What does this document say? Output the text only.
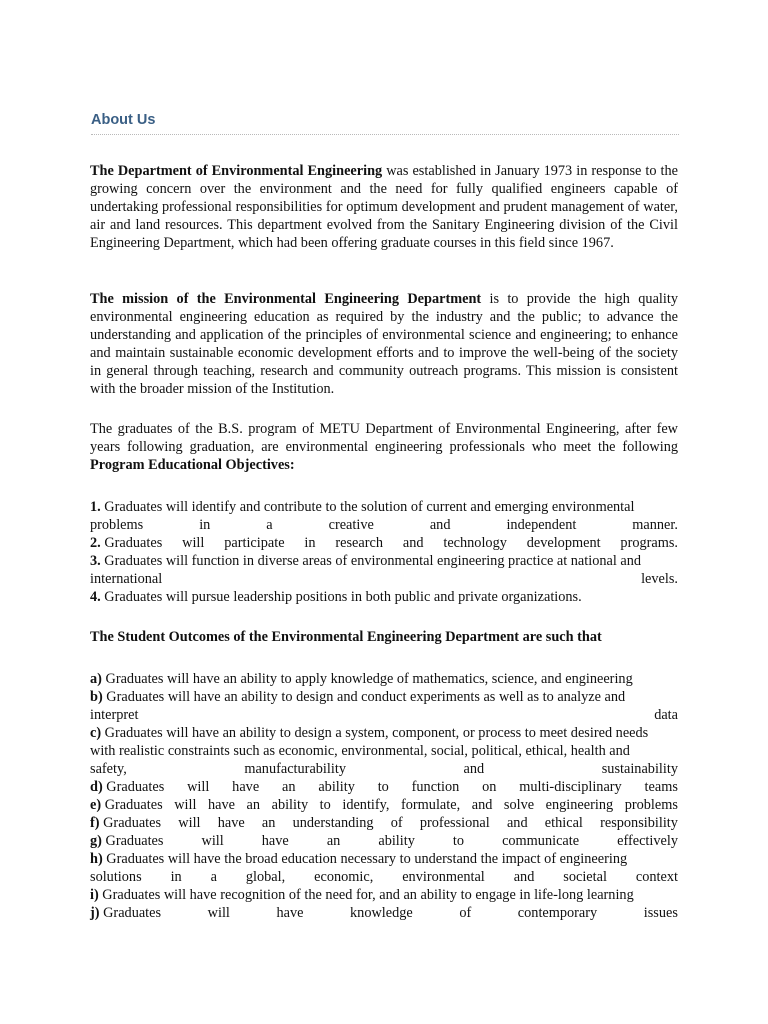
About Us

The Department of Environmental Engineering was established in January 1973 in response to the growing concern over the environment and the need for fully qualified engineers capable of undertaking professional responsibilities for optimum development and prudent management of water, air and land resources. This department evolved from the Sanitary Engineering division of the Civil Engineering Department, which had been offering graduate courses in this field since 1967.

The mission of the Environmental Engineering Department is to provide the high quality environmental engineering education as required by the industry and the public; to advance the understanding and application of the principles of environmental science and engineering; to enhance and maintain sustainable economic development efforts and to improve the well-being of the society in general through teaching, research and community outreach programs. This mission is consistent with the broader mission of the Institution.

The graduates of the B.S. program of METU Department of Environmental Engineering, after few years following graduation, are environmental engineering professionals who meet the following Program Educational Objectives:

1. Graduates will identify and contribute to the solution of current and emerging environmental
problems	in	a	creative	and	independent	manner.
2. Graduates will participate in research and technology development programs.
3. Graduates will function in diverse areas of environmental engineering practice at national and
international	levels.
4. Graduates will pursue leadership positions in both public and private organizations.
The Student Outcomes of the Environmental Engineering Department are such that
a) Graduates will have an ability to apply knowledge of mathematics, science, and engineering
b) Graduates will have an ability to design and conduct experiments as well as to analyze and
interpret	data
c) Graduates will have an ability to design a system, component, or process to meet desired needs
with realistic constraints such as economic, environmental, social, political, ethical, health and
safety,	manufacturability	and	sustainability
d) Graduates will have an ability to function on multi-disciplinary teams
e) Graduates will have an ability to identify, formulate, and solve engineering problems
f) Graduates will have an understanding of professional and ethical responsibility
g) Graduates	will	have	an	ability	to	communicate	effectively
h) Graduates will have the broad education necessary to understand the impact of engineering
solutions in a global, economic, environmental and societal context
i) Graduates will have recognition of the need for, and an ability to engage in life-long learning
j) Graduates	will	have	knowledge	of	contemporary	issues
